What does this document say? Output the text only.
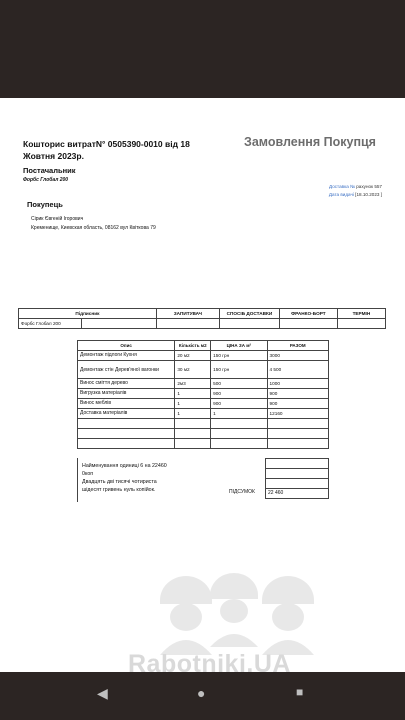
Кошторис витратN° 0505390-0010 від 18
Жовтня 2023р.
Замовлення Покупця
Постачальник
Форбс Глобал 200
Доставка № рахунок 557
Дата видачі [18.10.2023 ]
Покупець
Сірик Євгеній Ігорович
Кременище, Киевская область, 08162 вул Квіткова 79
Підписник	ЗАПИТУВАЧ	СПОСІБ ДОСТАВКИ	ФРАНКО-БОРТ	ТЕРМІН
Форбс Глобал 200				
Опис	Кількість м2	ЦІНА ЗА м²	РАЗОМ
Демонтаж підлоги Кухня	20 м2	150 грн	3000
Демонтаж стін Дерев'яної вагонки	30 м2	150 грн	4 500
Винос сміття дерево	2м3	500	1000
Вигрузка матеріалів	1	900	900
Винос меблів	1	900	900
Доставка матеріалів	1	1	12160

22 460
Найменування одиниці 6 на 22460
0коп
Двадцять дві тисячі чотириста
шідесят гривень нуль копійок.	ПІДСУМОК
Rabotniki.UA
◀	●	■
